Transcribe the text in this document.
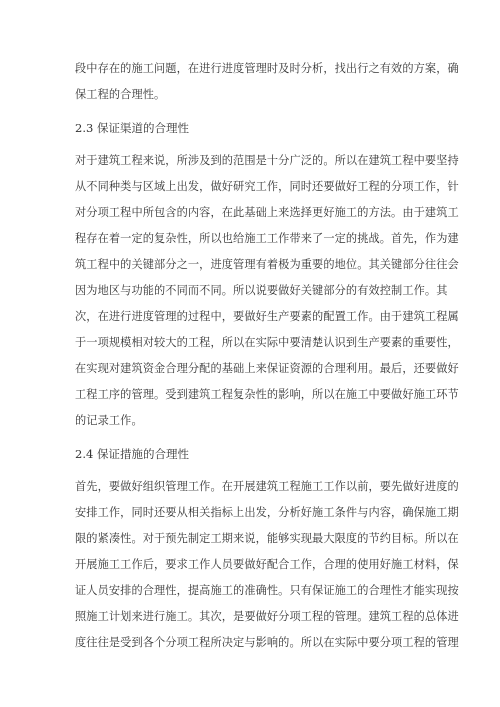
段中存在的施工问题，在进行进度管理时及时分析，找出行之有效的方案，确
保工程的合理性。
2.3 保证渠道的合理性
对于建筑工程来说，所涉及到的范围是十分广泛的。所以在建筑工程中要坚持
从不同种类与区域上出发，做好研究工作，同时还要做好工程的分项工作，针
对分项工程中所包含的内容，在此基础上来选择更好施工的方法。由于建筑工
程存在着一定的复杂性，所以也给施工工作带来了一定的挑战。首先，作为建
筑工程中的关键部分之一，进度管理有着极为重要的地位。其关键部分往往会
因为地区与功能的不同而不同。所以说要做好关键部分的有效控制工作。其
次，在进行进度管理的过程中，要做好生产要素的配置工作。由于建筑工程属
于一项规模相对较大的工程，所以在实际中要清楚认识到生产要素的重要性，
在实现对建筑资金合理分配的基础上来保证资源的合理利用。最后，还要做好
工程工序的管理。受到建筑工程复杂性的影响，所以在施工中要做好施工环节
的记录工作。
2.4 保证措施的合理性
首先，要做好组织管理工作。在开展建筑工程施工工作以前，要先做好进度的
安排工作，同时还要从相关指标上出发，分析好施工条件与内容，确保施工期
限的紧凑性。对于预先制定工期来说，能够实现最大限度的节约目标。所以在
开展施工工作后，要求工作人员要做好配合工作，合理的使用好施工材料，保
证人员安排的合理性，提高施工的准确性。只有保证施工的合理性才能实现按
照施工计划来进行施工。其次，是要做好分项工程的管理。建筑工程的总体进
度往往是受到各个分项工程所决定与影响的。所以在实际中要分项工程的管理
